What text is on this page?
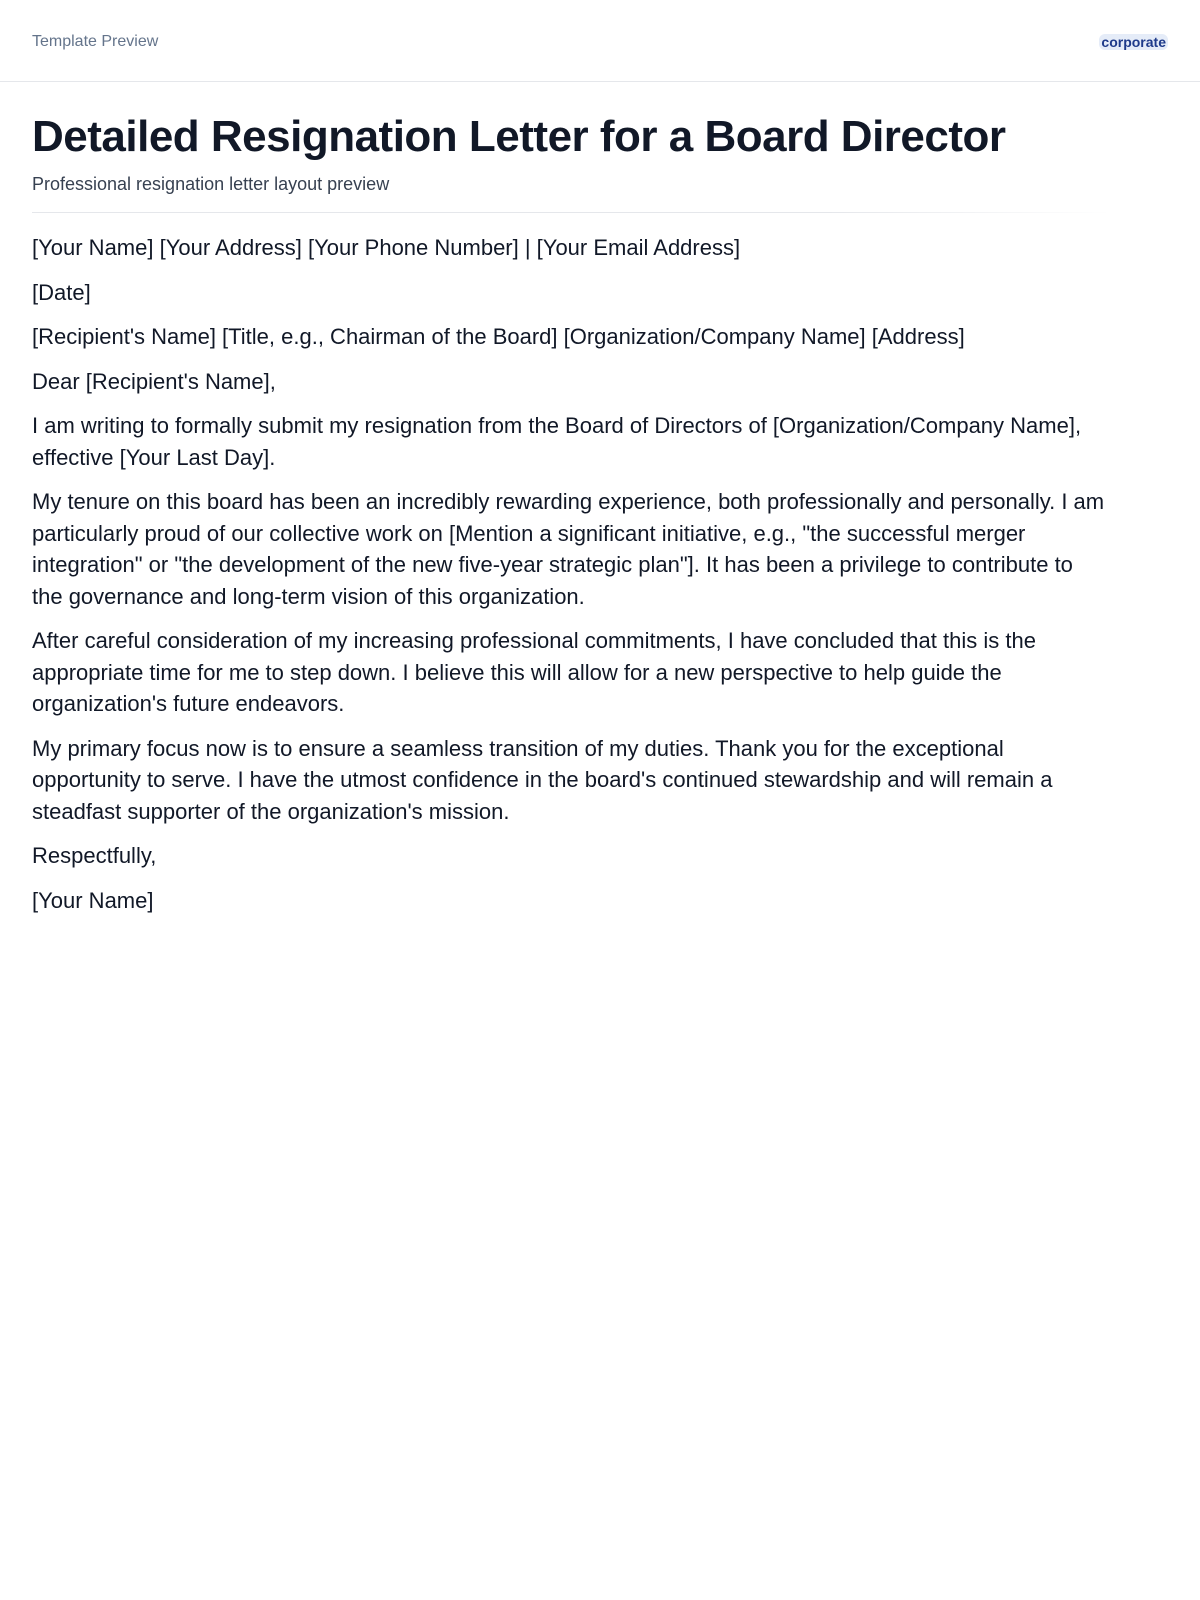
Template Preview	corporate
Detailed Resignation Letter for a Board Director

Professional resignation letter layout preview

[Your Name] [Your Address] [Your Phone Number] | [Your Email Address]

[Date]

[Recipient's Name] [Title, e.g., Chairman of the Board] [Organization/Company Name] [Address]

Dear [Recipient's Name],

I am writing to formally submit my resignation from the Board of Directors of [Organization/Company Name], effective [Your Last Day].

My tenure on this board has been an incredibly rewarding experience, both professionally and personally. I am particularly proud of our collective work on [Mention a significant initiative, e.g., "the successful merger integration" or "the development of the new five-year strategic plan"]. It has been a privilege to contribute to the governance and long-term vision of this organization.

After careful consideration of my increasing professional commitments, I have concluded that this is the appropriate time for me to step down. I believe this will allow for a new perspective to help guide the organization's future endeavors.

My primary focus now is to ensure a seamless transition of my duties. Thank you for the exceptional opportunity to serve. I have the utmost confidence in the board's continued stewardship and will remain a steadfast supporter of the organization's mission.

Respectfully,

[Your Name]
